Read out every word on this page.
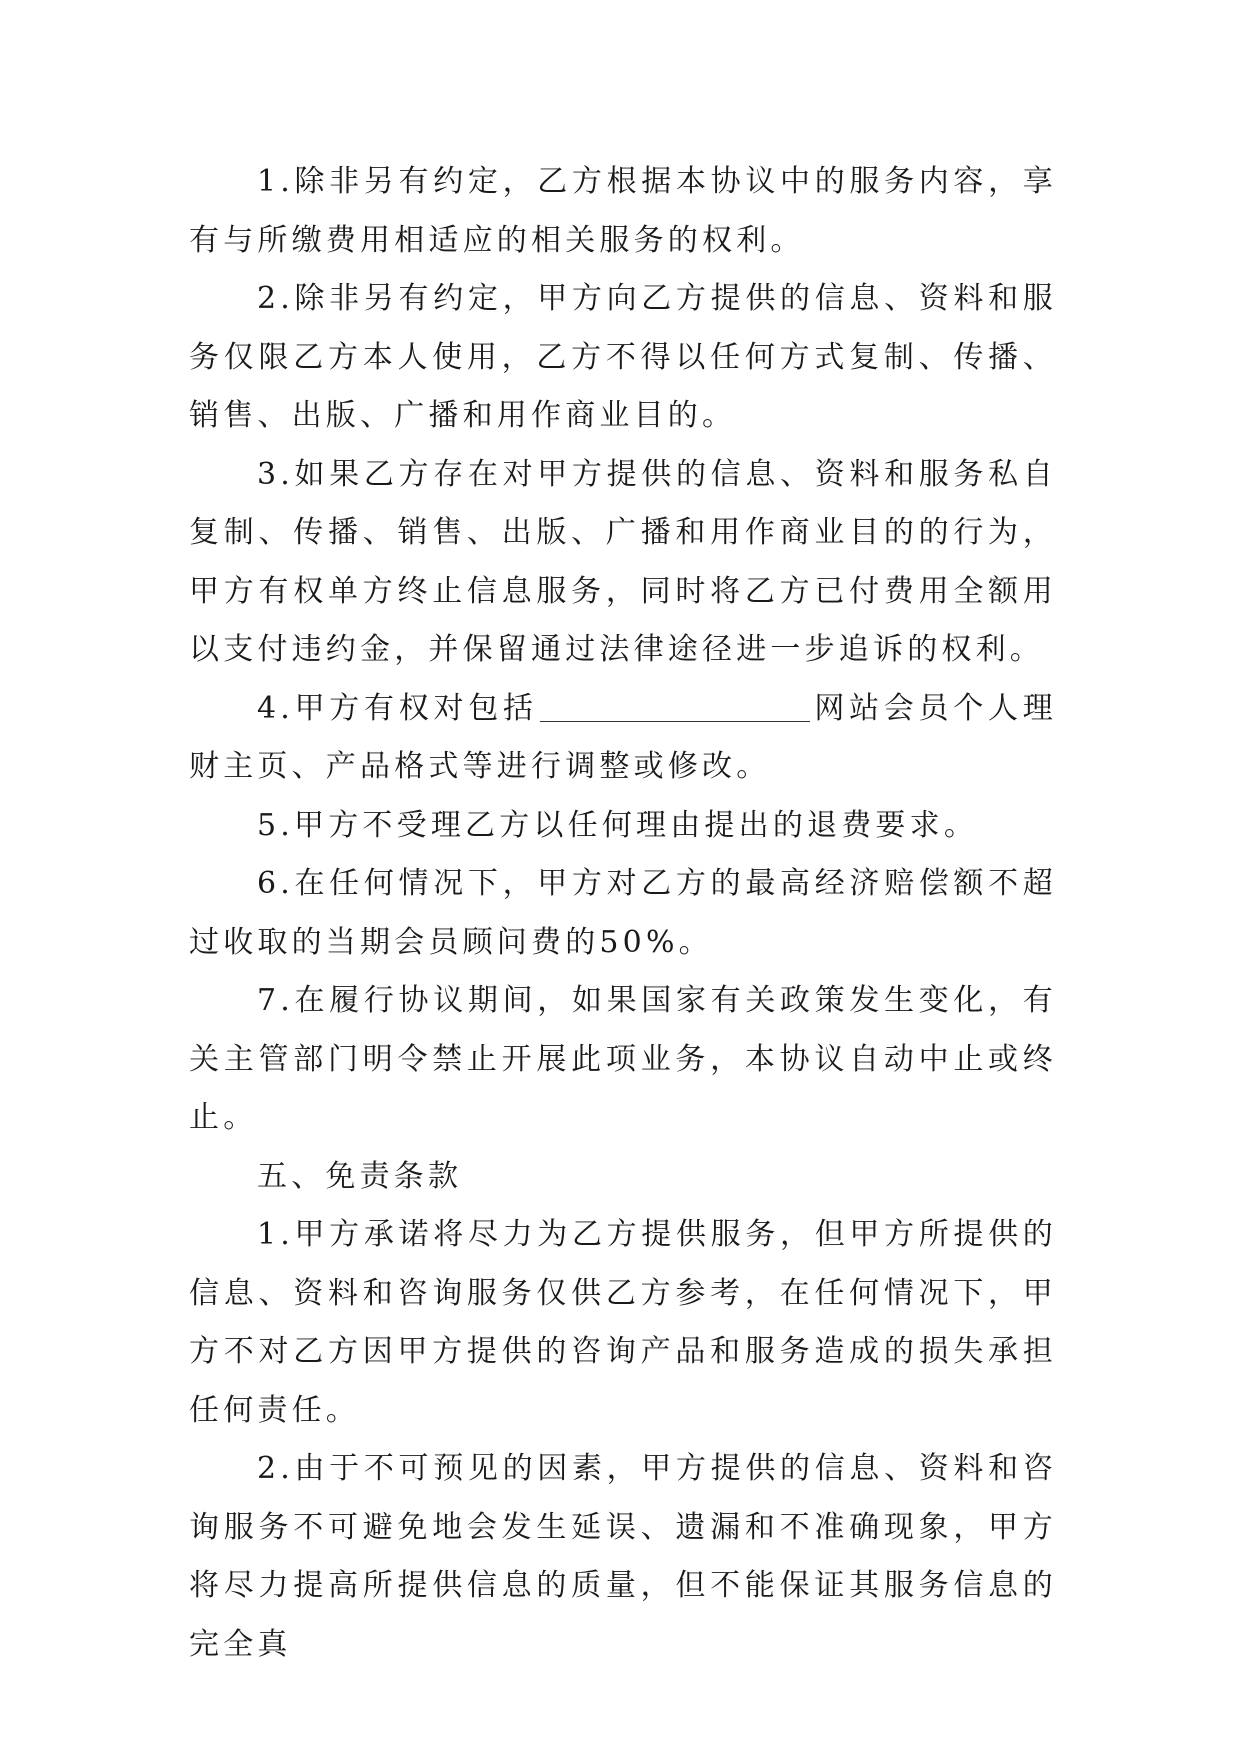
1.除非另有约定，乙方根据本协议中的服务内容，享有与所缴费用相适应的相关服务的权利。

2.除非另有约定，甲方向乙方提供的信息、资料和服务仅限乙方本人使用，乙方不得以任何方式复制、传播、销售、出版、广播和用作商业目的。

3.如果乙方存在对甲方提供的信息、资料和服务私自复制、传播、销售、出版、广播和用作商业目的的行为，甲方有权单方终止信息服务，同时将乙方已付费用全额用以支付违约金，并保留通过法律途径进一步追诉的权利。

4.甲方有权对包括	网站会员个人理财主页、产品格式等进行调整或修改。

5.甲方不受理乙方以任何理由提出的退费要求。

6.在任何情况下，甲方对乙方的最高经济赔偿额不超过收取的当期会员顾问费的50%。

7.在履行协议期间，如果国家有关政策发生变化，有关主管部门明令禁止开展此项业务，本协议自动中止或终止。

五、免责条款

1.甲方承诺将尽力为乙方提供服务，但甲方所提供的信息、资料和咨询服务仅供乙方参考，在任何情况下，甲方不对乙方因甲方提供的咨询产品和服务造成的损失承担任何责任。

2.由于不可预见的因素，甲方提供的信息、资料和咨询服务不可避免地会发生延误、遗漏和不准确现象，甲方将尽力提高所提供信息的质量，但不能保证其服务信息的完全真
